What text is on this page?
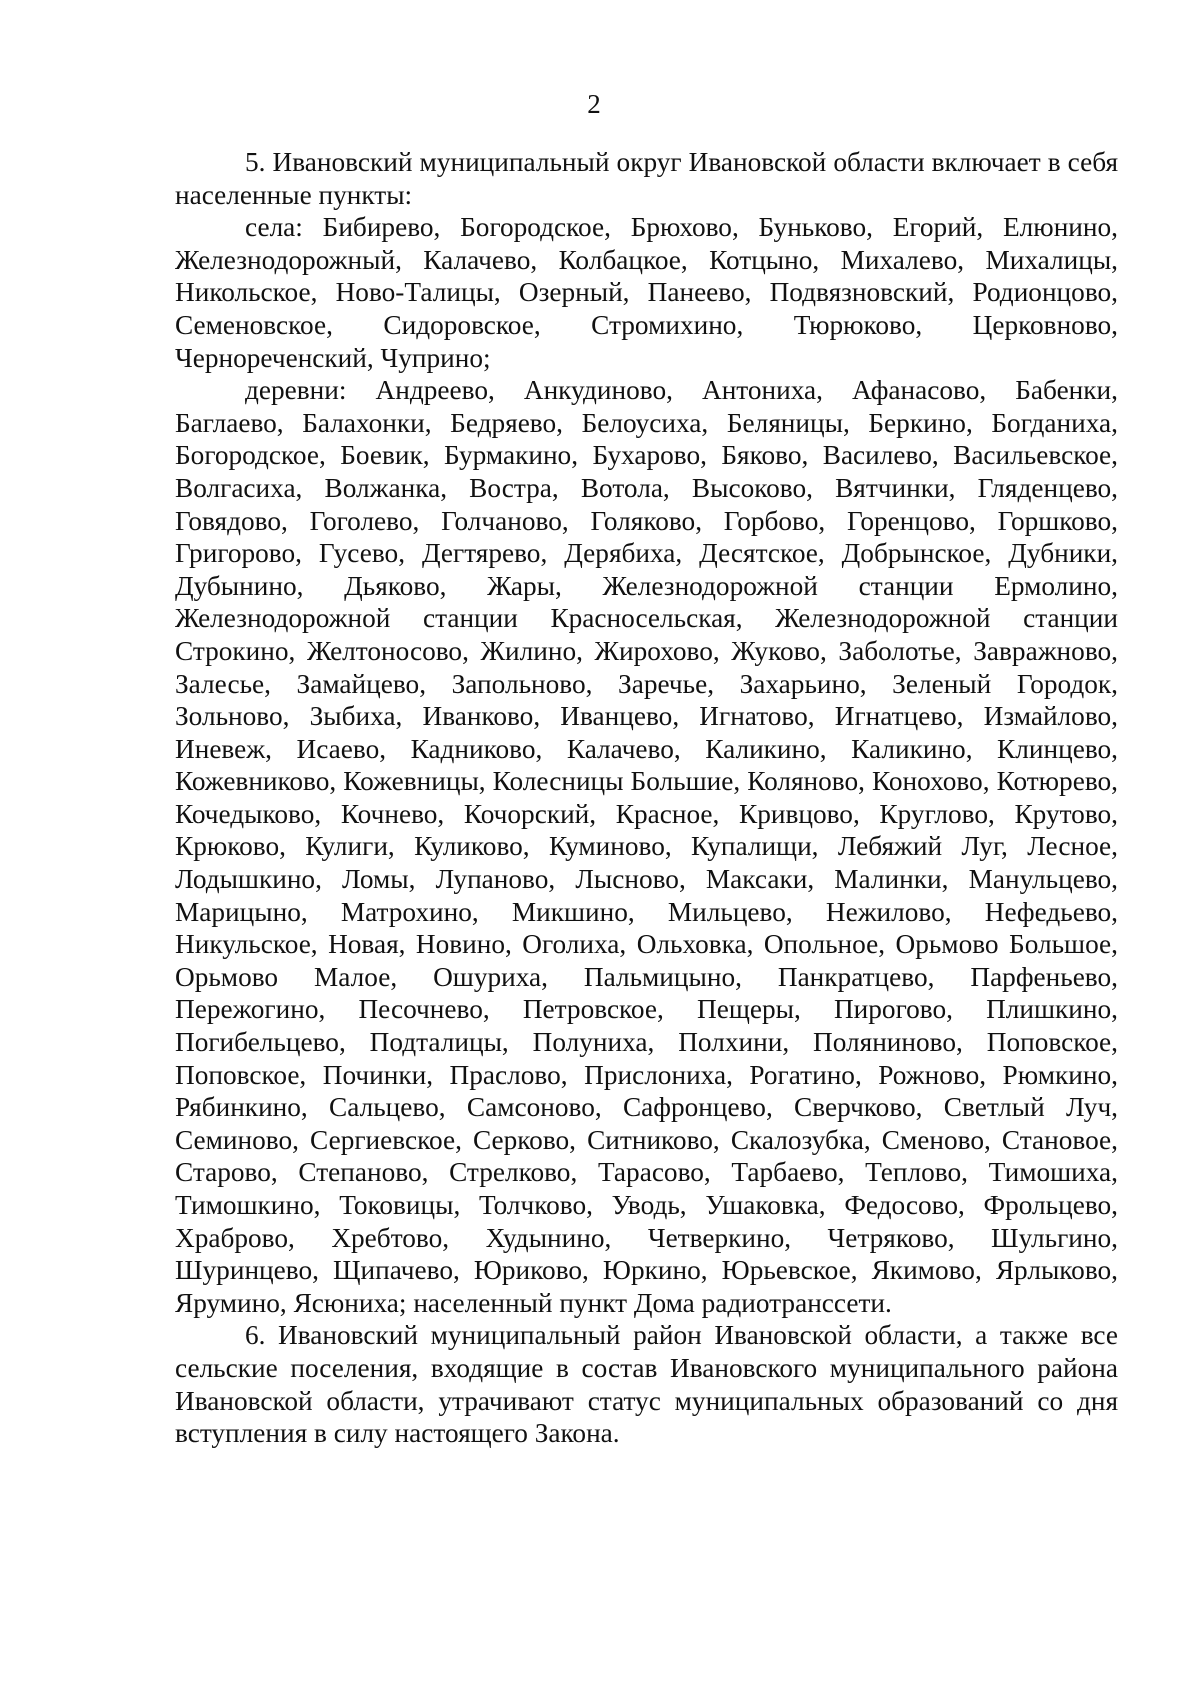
2

5. Ивановский муниципальный округ Ивановской области включает в себя населенные пункты:

села: Бибирево, Богородское, Брюхово, Буньково, Егорий, Елюнино, Железнодорожный, Калачево, Колбацкое, Котцыно, Михалево, Михалицы, Никольское, Ново-Талицы, Озерный, Панеево, Подвязновский, Родионцово, Семеновское, Сидоровское, Стромихино, Тюрюково, Церковново, Чернореченский, Чуприно;

деревни: Андреево, Анкудиново, Антониха, Афанасово, Бабенки, Баглаево, Балахонки, Бедряево, Белоусиха, Беляницы, Беркино, Богданиха, Богородское, Боевик, Бурмакино, Бухарово, Бяково, Василево, Васильевское, Волгасиха, Волжанка, Востра, Вотола, Высоково, Вятчинки, Гляденцево, Говядово, Гоголево, Голчаново, Голяково, Горбово, Горенцово, Горшково, Григорово, Гусево, Дегтярево, Дерябиха, Десятское, Добрынское, Дубники, Дубынино, Дьяково, Жары, Железнодорожной станции Ермолино, Железнодорожной станции Красносельская, Железнодорожной станции Строкино, Желтоносово, Жилино, Жирохово, Жуково, Заболотье, Завражново, Залесье, Замайцево, Запольново, Заречье, Захарьино, Зеленый Городок, Зольново, Зыбиха, Иванково, Иванцево, Игнатово, Игнатцево, Измайлово, Иневеж, Исаево, Кадниково, Калачево, Каликино, Каликино, Клинцево, Кожевниково, Кожевницы, Колесницы Большие, Коляново, Конохово, Котюрево, Кочедыково, Кочнево, Кочорский, Красное, Кривцово, Круглово, Крутово, Крюково, Кулиги, Куликово, Куминово, Купалищи, Лебяжий Луг, Лесное, Лодышкино, Ломы, Лупаново, Лысново, Максаки, Малинки, Манульцево, Марицыно, Матрохино, Микшино, Мильцево, Нежилово, Нефедьево, Никульское, Новая, Новино, Оголиха, Ольховка, Опольное, Орьмово Большое, Орьмово Малое, Ошуриха, Пальмицыно, Панкратцево, Парфеньево, Пережогино, Песочнево, Петровское, Пещеры, Пирогово, Плишкино, Погибельцево, Подталицы, Полуниха, Полхини, Поляниново, Поповское, Поповское, Починки, Праслово, Прислониха, Рогатино, Рожново, Рюмкино, Рябинкино, Сальцево, Самсоново, Сафронцево, Сверчково, Светлый Луч, Семиново, Сергиевское, Серково, Ситниково, Скалозубка, Сменово, Становое, Старово, Степаново, Стрелково, Тарасово, Тарбаево, Теплово, Тимошиха, Тимошкино, Токовицы, Толчково, Уводь, Ушаковка, Федосово, Фрольцево, Храброво, Хребтово, Худынино, Четверкино, Четряково, Шульгино, Шуринцево, Щипачево, Юриково, Юркино, Юрьевское, Якимово, Ярлыково, Ярумино, Ясюниха; населенный пункт Дома радиотранссети.

6. Ивановский муниципальный район Ивановской области, а также все сельские поселения, входящие в состав Ивановского муниципального района Ивановской области, утрачивают статус муниципальных образований со дня вступления в силу настоящего Закона.
